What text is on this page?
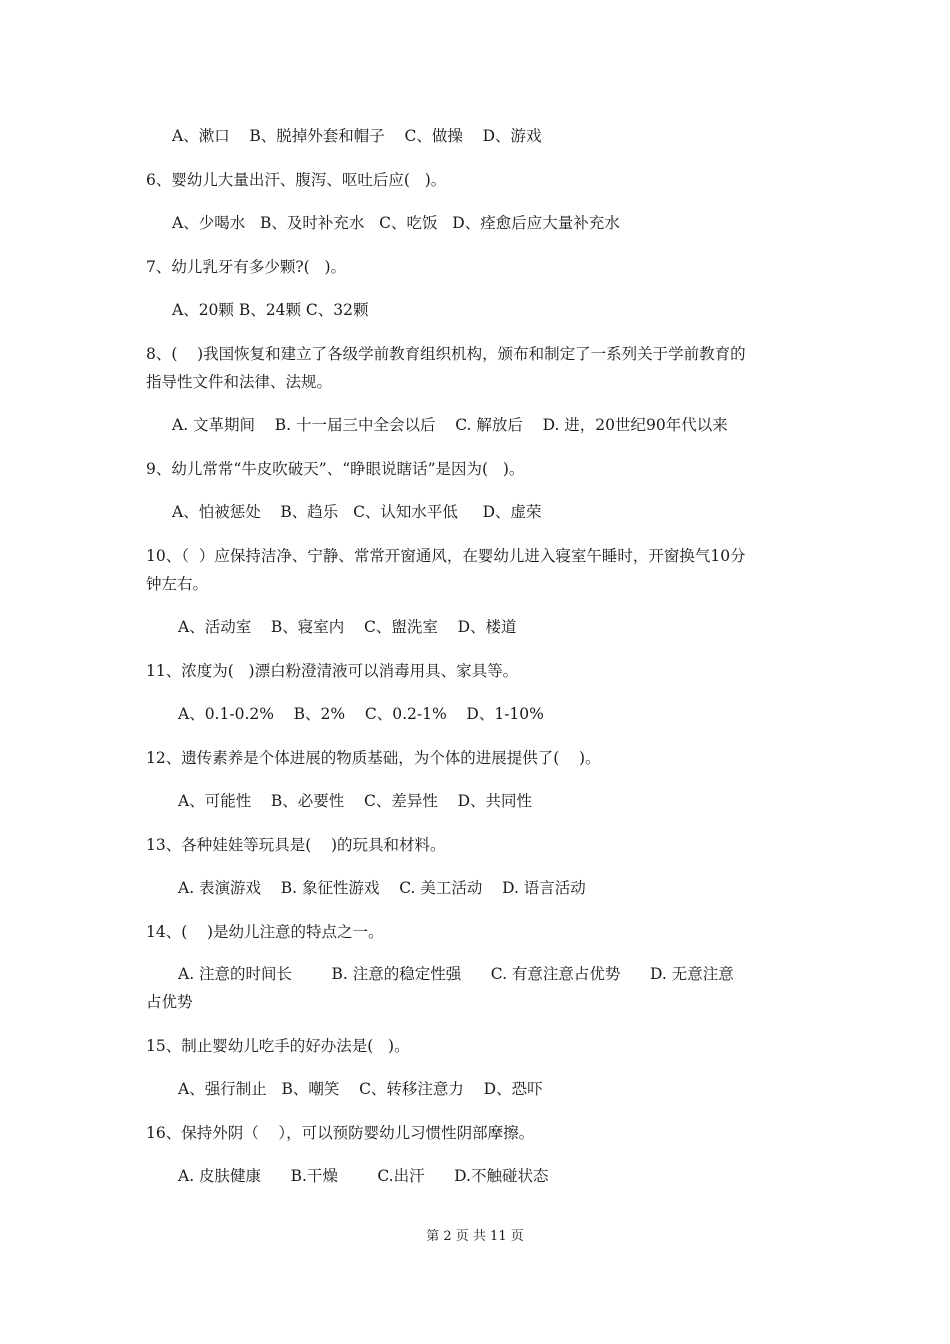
A、漱口    B、脱掉外套和帽子    C、做操    D、游戏
6、婴幼儿大量出汗、腹泻、呕吐后应(   )。
A、少喝水   B、及时补充水   C、吃饭   D、痊愈后应大量补充水
7、幼儿乳牙有多少颗?(   )。
A、20颗 B、24颗 C、32颗
8、(    )我国恢复和建立了各级学前教育组织机构，颁布和制定了一系列关于学前教育的
指导性文件和法律、法规。
A. 文革期间    B. 十一届三中全会以后    C. 解放后    D. 进，20世纪90年代以来
9、幼儿常常“牛皮吹破天”、“睁眼说瞎话”是因为(   )。
A、怕被惩处    B、趋乐   C、认知水平低     D、虚荣
10、（  ）应保持洁净、宁静、常常开窗通风，在婴幼儿进入寝室午睡时，开窗换气10分
钟左右。
A、活动室    B、寝室内    C、盥洗室    D、楼道
11、浓度为(   )漂白粉澄清液可以消毒用具、家具等。
A、0.1-0.2%    B、2%    C、0.2-1%    D、1-10%
12、遗传素养是个体进展的物质基础，为个体的进展提供了(    )。
A、可能性    B、必要性    C、差异性    D、共同性
13、各种娃娃等玩具是(    )的玩具和材料。
A. 表演游戏    B. 象征性游戏    C. 美工活动    D. 语言活动
14、(    )是幼儿注意的特点之一。
A. 注意的时间长        B. 注意的稳定性强      C. 有意注意占优势      D. 无意注意
占优势
15、制止婴幼儿吃手的好办法是(   )。
A、强行制止   B、嘲笑    C、转移注意力    D、恐吓
16、保持外阴（    ），可以预防婴幼儿习惯性阴部摩擦。
A. 皮肤健康      B.干燥        C.出汗      D.不触碰状态
第 2 页 共 11 页
